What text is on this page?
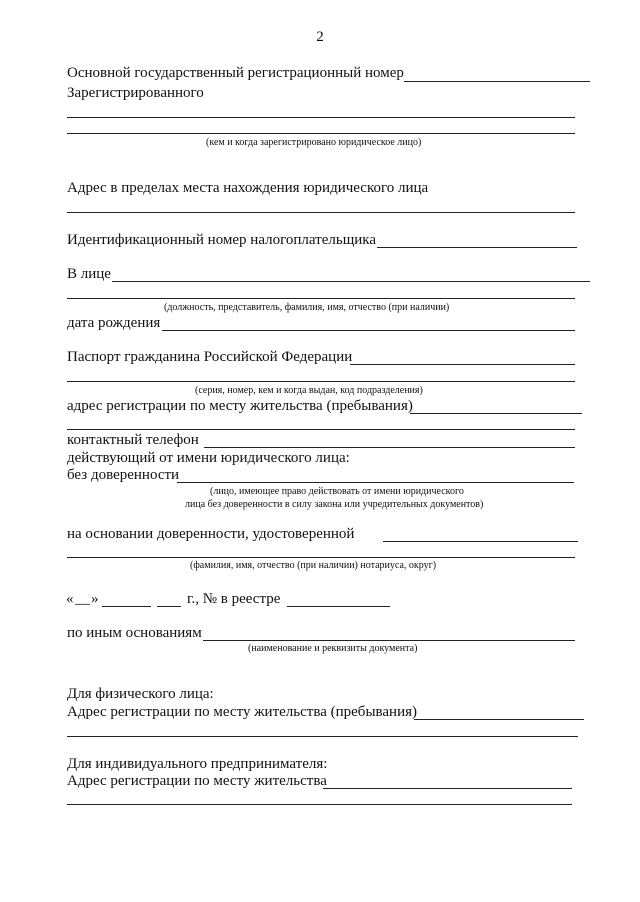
2
Основной государственный регистрационный номер
Зарегистрированного
(кем и когда зарегистрировано юридическое лицо)
Адрес в пределах места нахождения юридического лица
Идентификационный номер налогоплательщика
В лице
(должность, представитель, фамилия, имя, отчество (при наличии)
дата рождения
Паспорт гражданина Российской Федерации
(серия, номер, кем и когда выдан, код подразделения)
адрес регистрации по месту жительства (пребывания)
контактный телефон
действующий от имени юридического лица:
без доверенности
(лицо, имеющее право действовать от имени юридического
лица без доверенности в силу закона или учредительных документов)
на основании доверенности, удостоверенной
(фамилия, имя, отчество (при наличии) нотариуса, округ)
« __ »	г., № в реестре
по иным основаниям
(наименование и реквизиты документа)
Для физического лица:
Адрес регистрации по месту жительства (пребывания)
Для индивидуального предпринимателя:
Адрес регистрации по месту жительства
